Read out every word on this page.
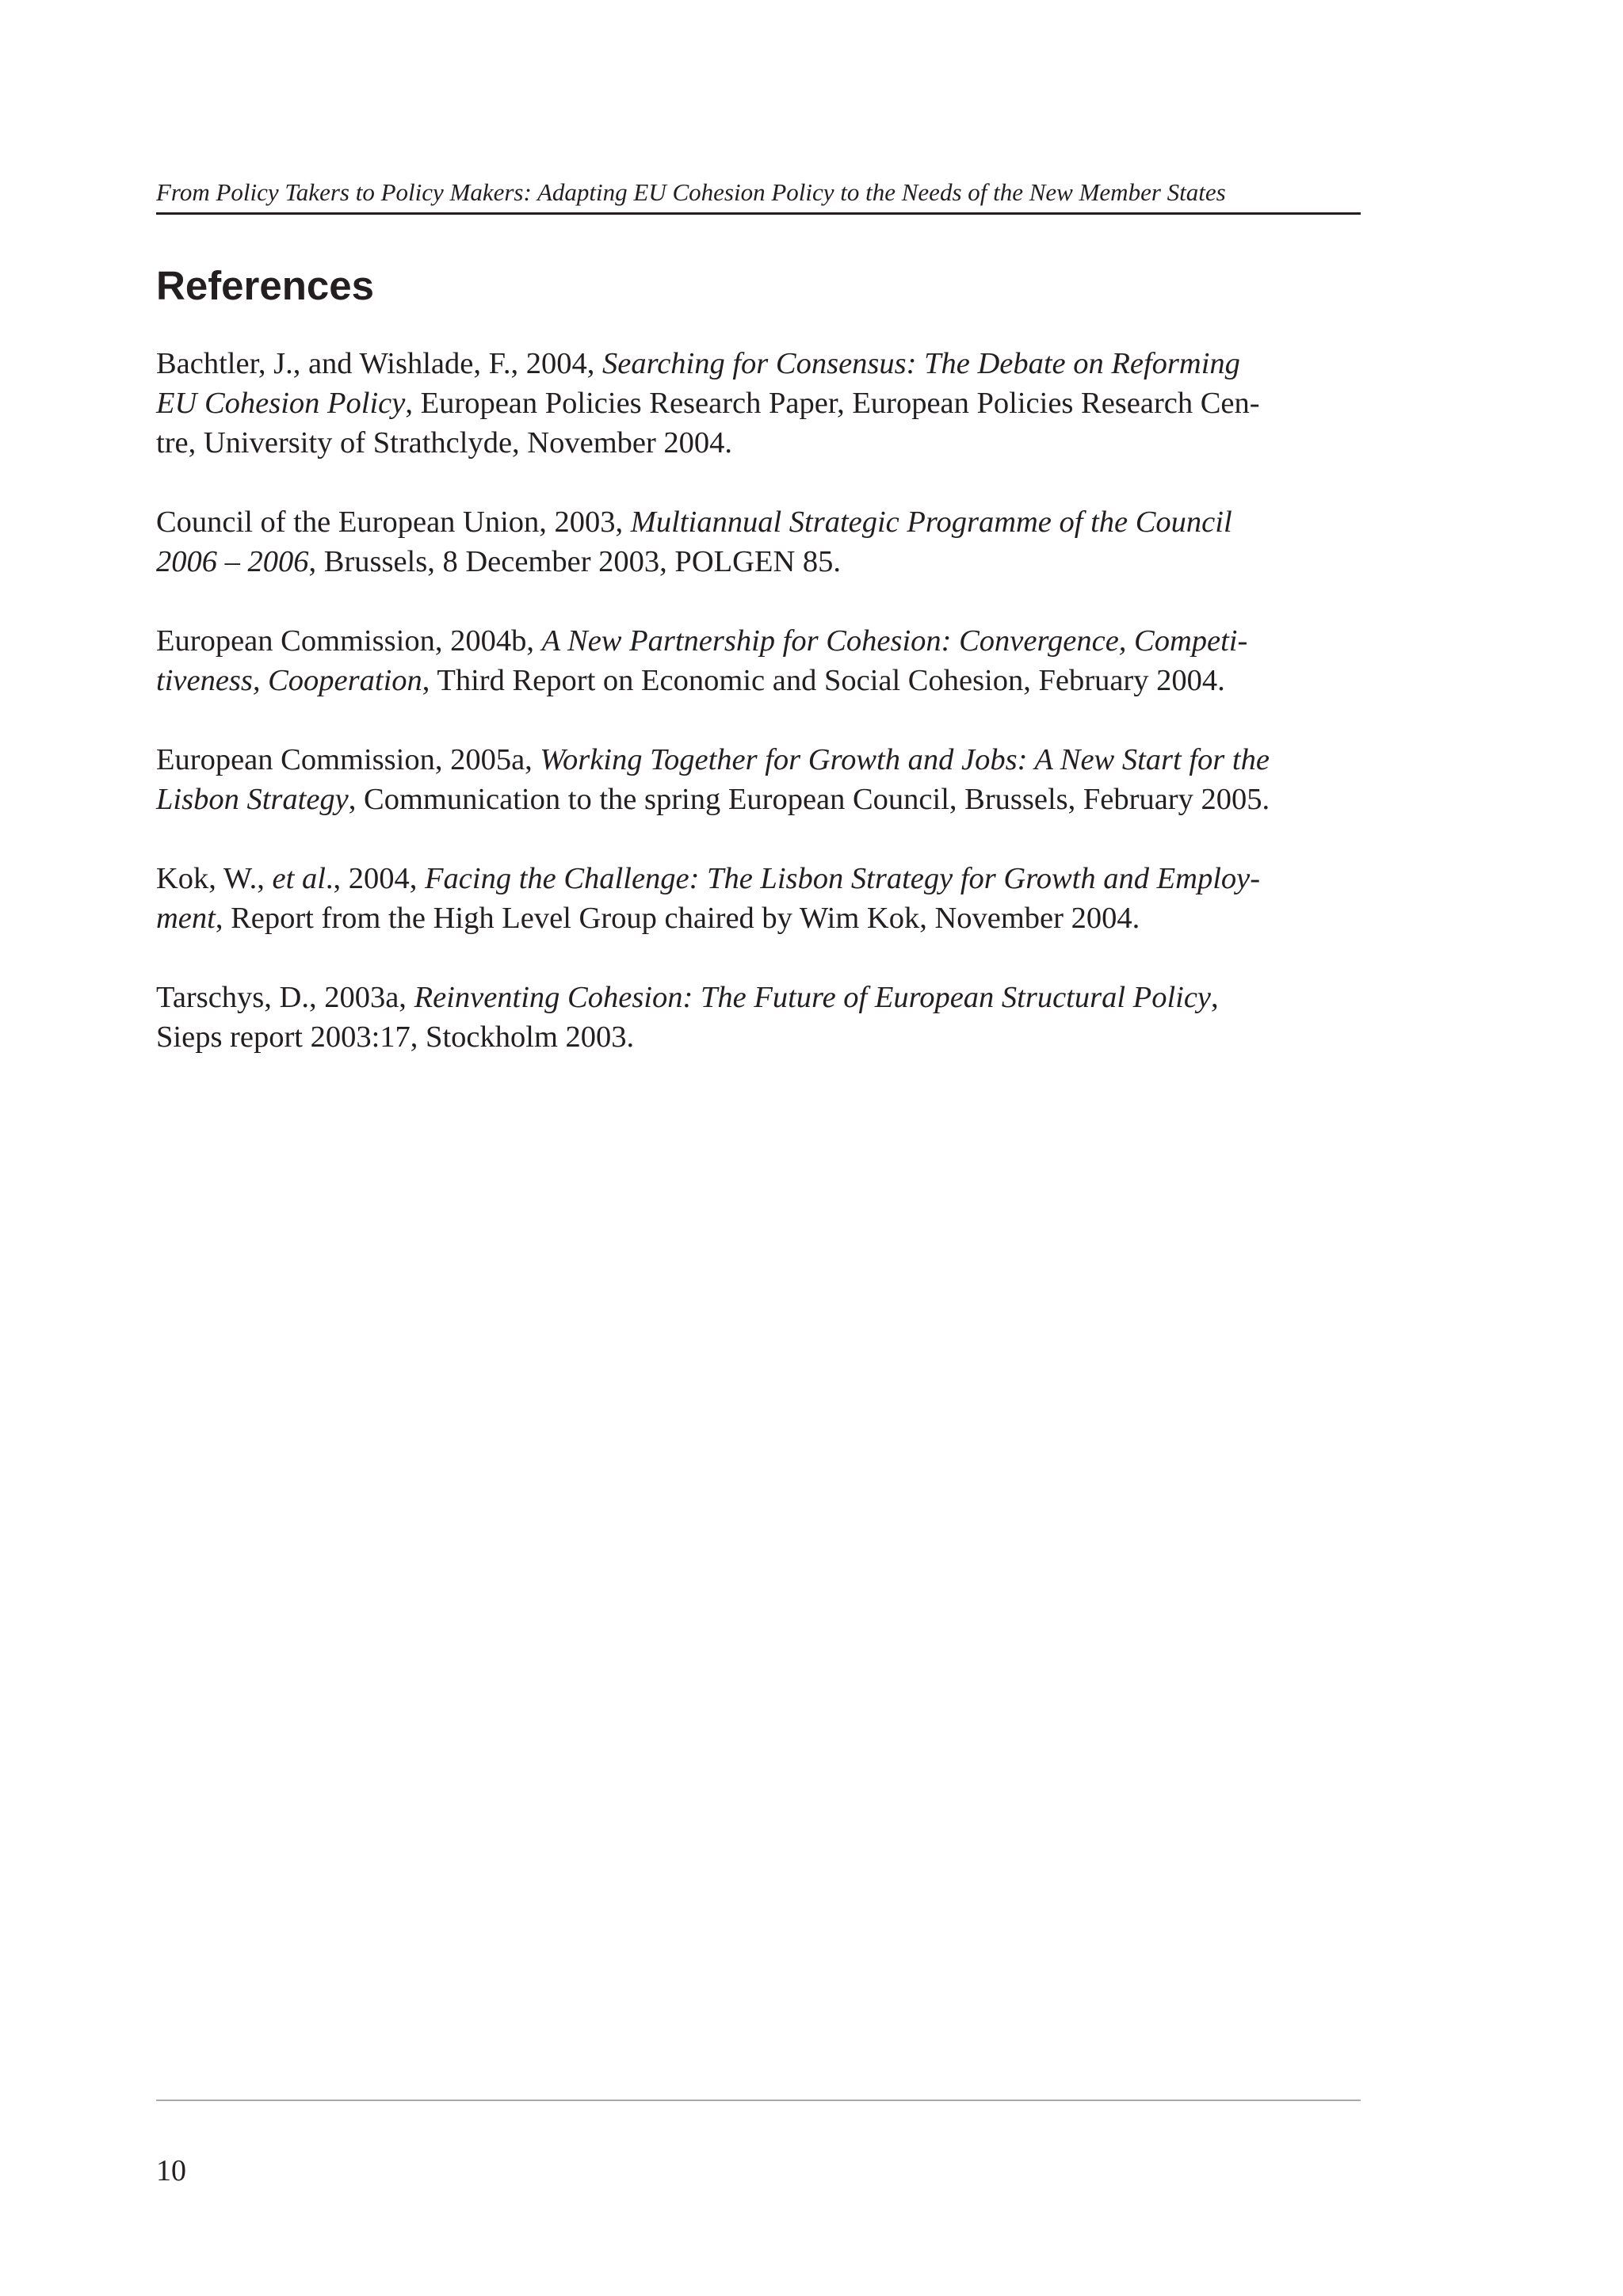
From Policy Takers to Policy Makers: Adapting EU Cohesion Policy to the Needs of the New Member States
References
Bachtler, J., and Wishlade, F., 2004, Searching for Consensus: The Debate on Reforming
EU Cohesion Policy, European Policies Research Paper, European Policies Research Cen-
tre, University of Strathclyde, November 2004.
Council of the European Union, 2003, Multiannual Strategic Programme of the Council
2006 – 2006, Brussels, 8 December 2003, POLGEN 85.
European Commission, 2004b, A New Partnership for Cohesion: Convergence, Competi-
tiveness, Cooperation, Third Report on Economic and Social Cohesion, February 2004.
European Commission, 2005a, Working Together for Growth and Jobs: A New Start for the
Lisbon Strategy, Communication to the spring European Council, Brussels, February 2005.
Kok, W., et al., 2004, Facing the Challenge: The Lisbon Strategy for Growth and Employ-
ment, Report from the High Level Group chaired by Wim Kok, November 2004.
Tarschys, D., 2003a, Reinventing Cohesion: The Future of European Structural Policy,
Sieps report 2003:17, Stockholm 2003.
10
